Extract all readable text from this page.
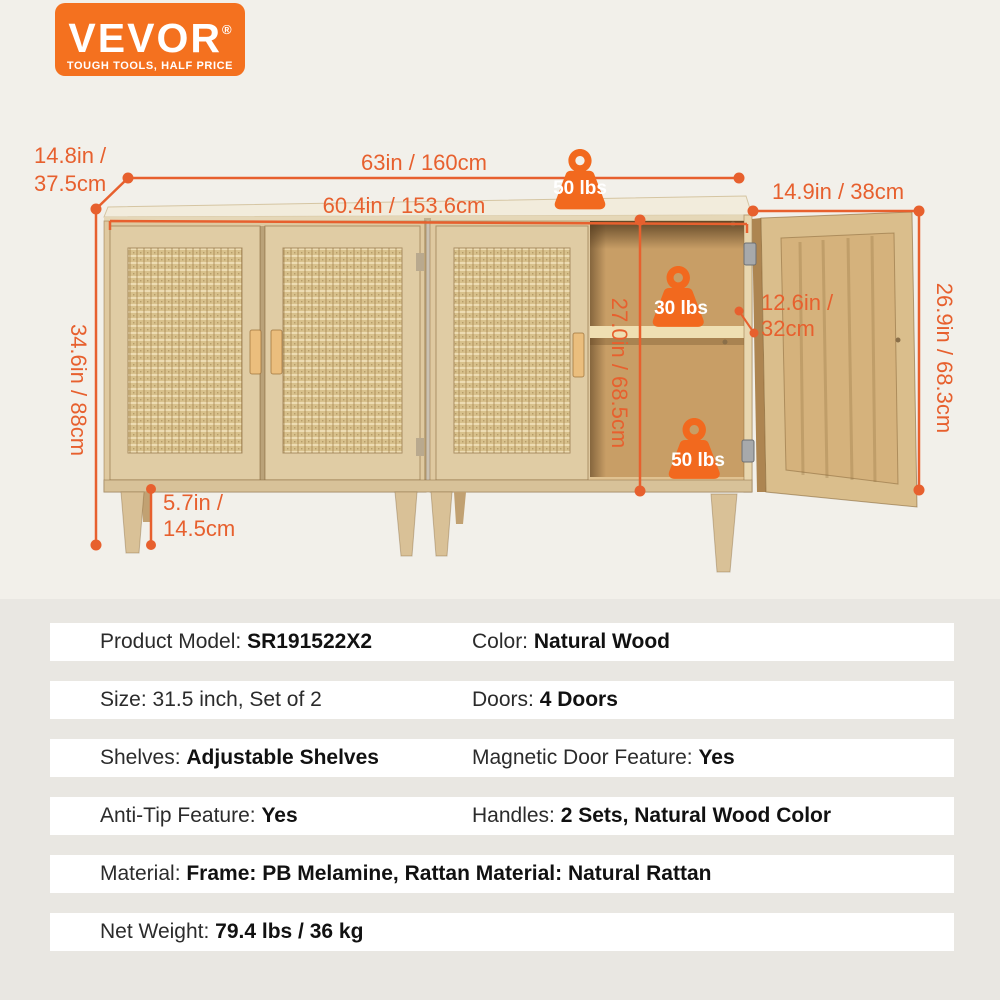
VEVOR®
TOUGH TOOLS, HALF PRICE
14.8in /
37.5cm
63in / 160cm
60.4in / 153.6cm
14.9in / 38cm
34.6in / 88cm	27.0in / 68.5cm	26.9in / 68.3cm
12.6in /
32cm
5.7in /
14.5cm
50 lbs
30 lbs
50 lbs
Product Model: SR191522X2	Color: Natural Wood
Size: 31.5 inch, Set of 2	Doors: 4 Doors
Shelves: Adjustable Shelves	Magnetic Door Feature: Yes
Anti-Tip Feature: Yes	Handles: 2 Sets, Natural Wood Color
Material: Frame: PB Melamine, Rattan Material: Natural Rattan
Net Weight: 79.4 lbs / 36 kg
